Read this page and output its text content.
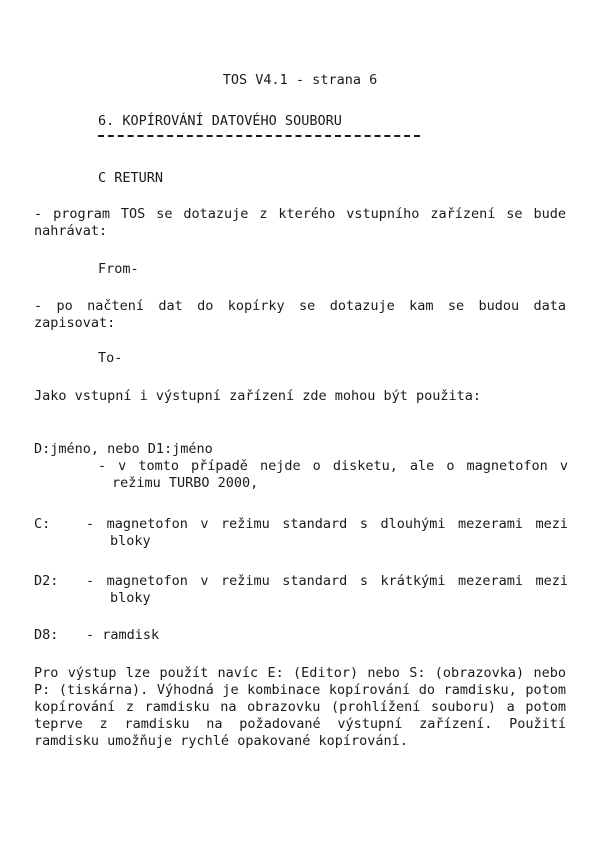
TOS V4.1 - strana 6
6. KOPÍROVÁNÍ DATOVÉHO SOUBORU
C RETURN
- program TOS se dotazuje z kterého vstupního zařízení se bude nahrávat:
From-
- po načtení dat do kopírky se dotazuje kam se budou data zapisovat:
To-
Jako vstupní i výstupní zařízení zde mohou být použita:
D:jméno, nebo D1:jméno
- v tomto případě nejde o disketu, ale o magnetofon v režimu TURBO 2000,
C:	- magnetofon v režimu standard s dlouhými mezerami mezi bloky
D2: - magnetofon v režimu standard s krátkými mezerami mezi bloky
D8: - ramdisk
Pro výstup lze použít navíc E: (Editor) nebo S: (obrazovka) nebo P: (tiskárna). Výhodná je kombinace kopírování do ramdisku, potom kopírování z ramdisku na obrazovku (prohlížení souboru) a potom teprve z ramdisku na požadované výstupní zařízení. Použití ramdisku umožňuje rychlé opakované kopírování.
